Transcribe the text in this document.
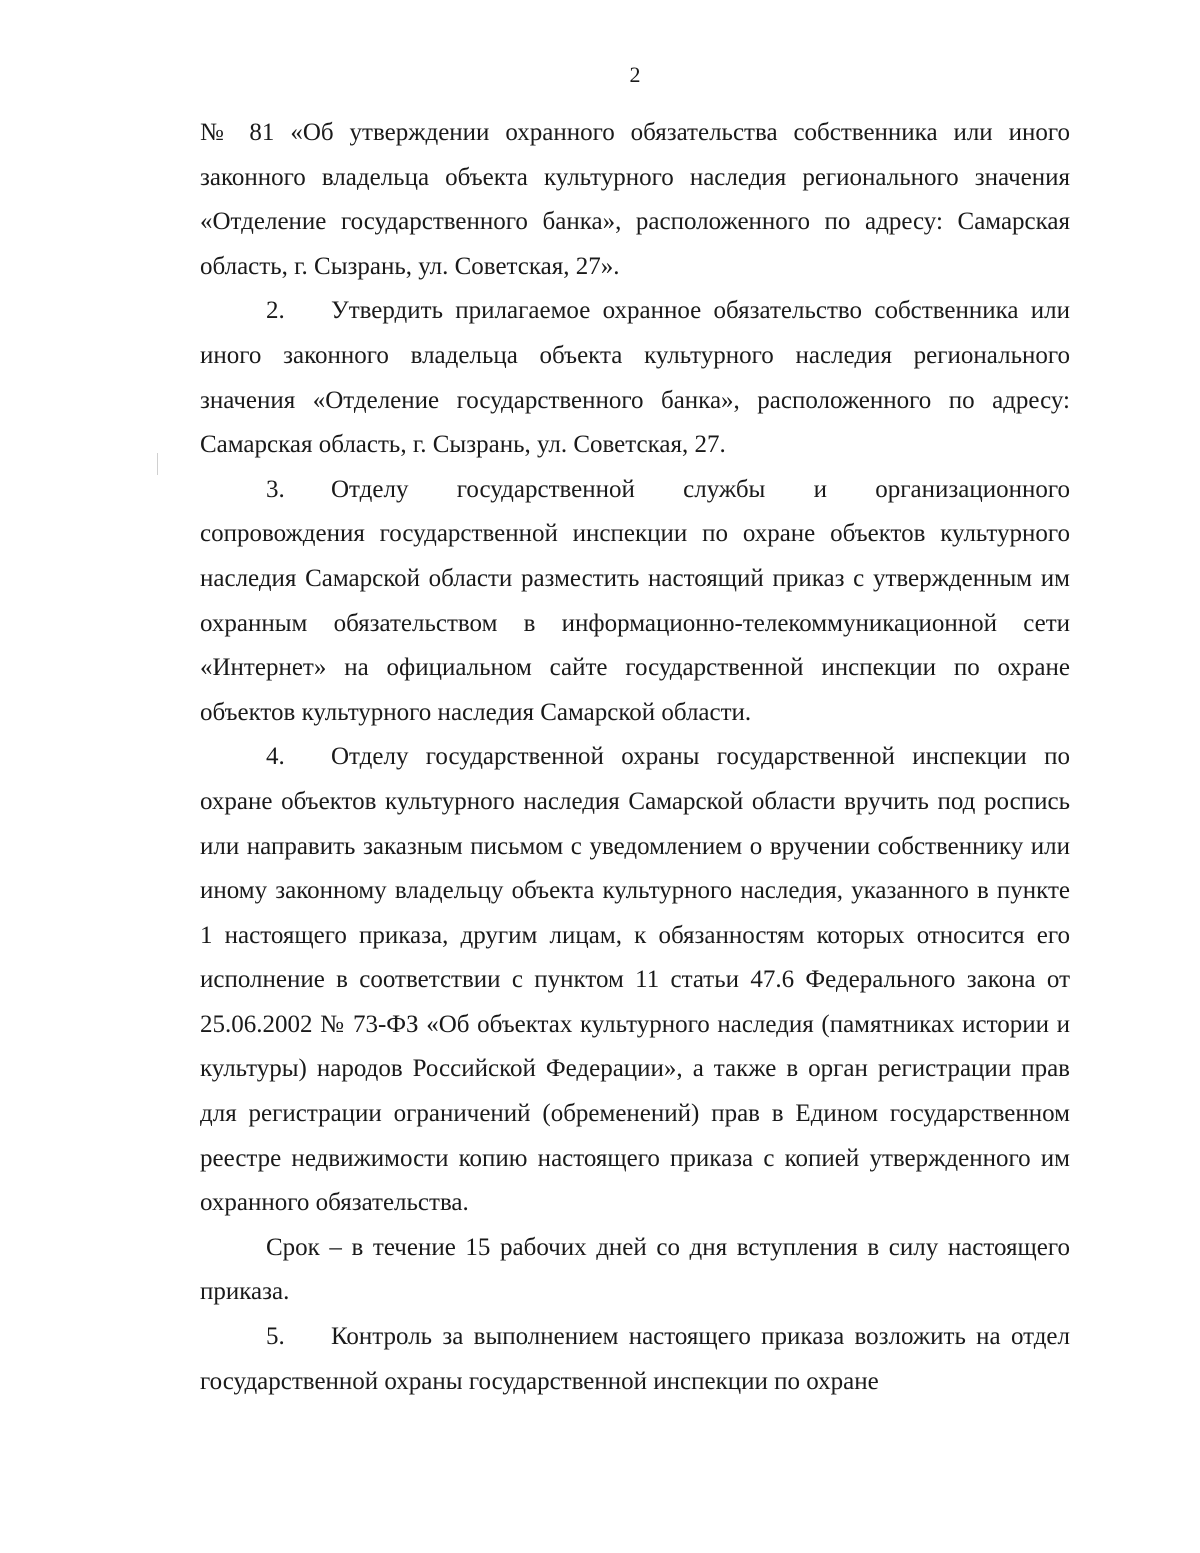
2

№ 81 «Об утверждении охранного обязательства собственника или иного законного владельца объекта культурного наследия регионального значения «Отделение государственного банка», расположенного по адресу: Самарская область, г. Сызрань, ул. Советская, 27».

2. Утвердить прилагаемое охранное обязательство собственника или иного законного владельца объекта культурного наследия регионального значения «Отделение государственного банка», расположенного по адресу: Самарская область, г. Сызрань, ул. Советская, 27.

3. Отделу государственной службы и организационного сопровождения государственной инспекции по охране объектов культурного наследия Самарской области разместить настоящий приказ с утвержденным им охранным обязательством в информационно-телекоммуникационной сети «Интернет» на официальном сайте государственной инспекции по охране объектов культурного наследия Самарской области.

4. Отделу государственной охраны государственной инспекции по охране объектов культурного наследия Самарской области вручить под роспись или направить заказным письмом с уведомлением о вручении собственнику или иному законному владельцу объекта культурного наследия, указанного в пункте 1 настоящего приказа, другим лицам, к обязанностям которых относится его исполнение в соответствии с пунктом 11 статьи 47.6 Федерального закона от 25.06.2002 № 73-ФЗ «Об объектах культурного наследия (памятниках истории и культуры) народов Российской Федерации», а также в орган регистрации прав для регистрации ограничений (обременений) прав в Едином государственном реестре недвижимости копию настоящего приказа с копией утвержденного им охранного обязательства.

Срок – в течение 15 рабочих дней со дня вступления в силу настоящего приказа.

5. Контроль за выполнением настоящего приказа возложить на отдел государственной охраны государственной инспекции по охране
